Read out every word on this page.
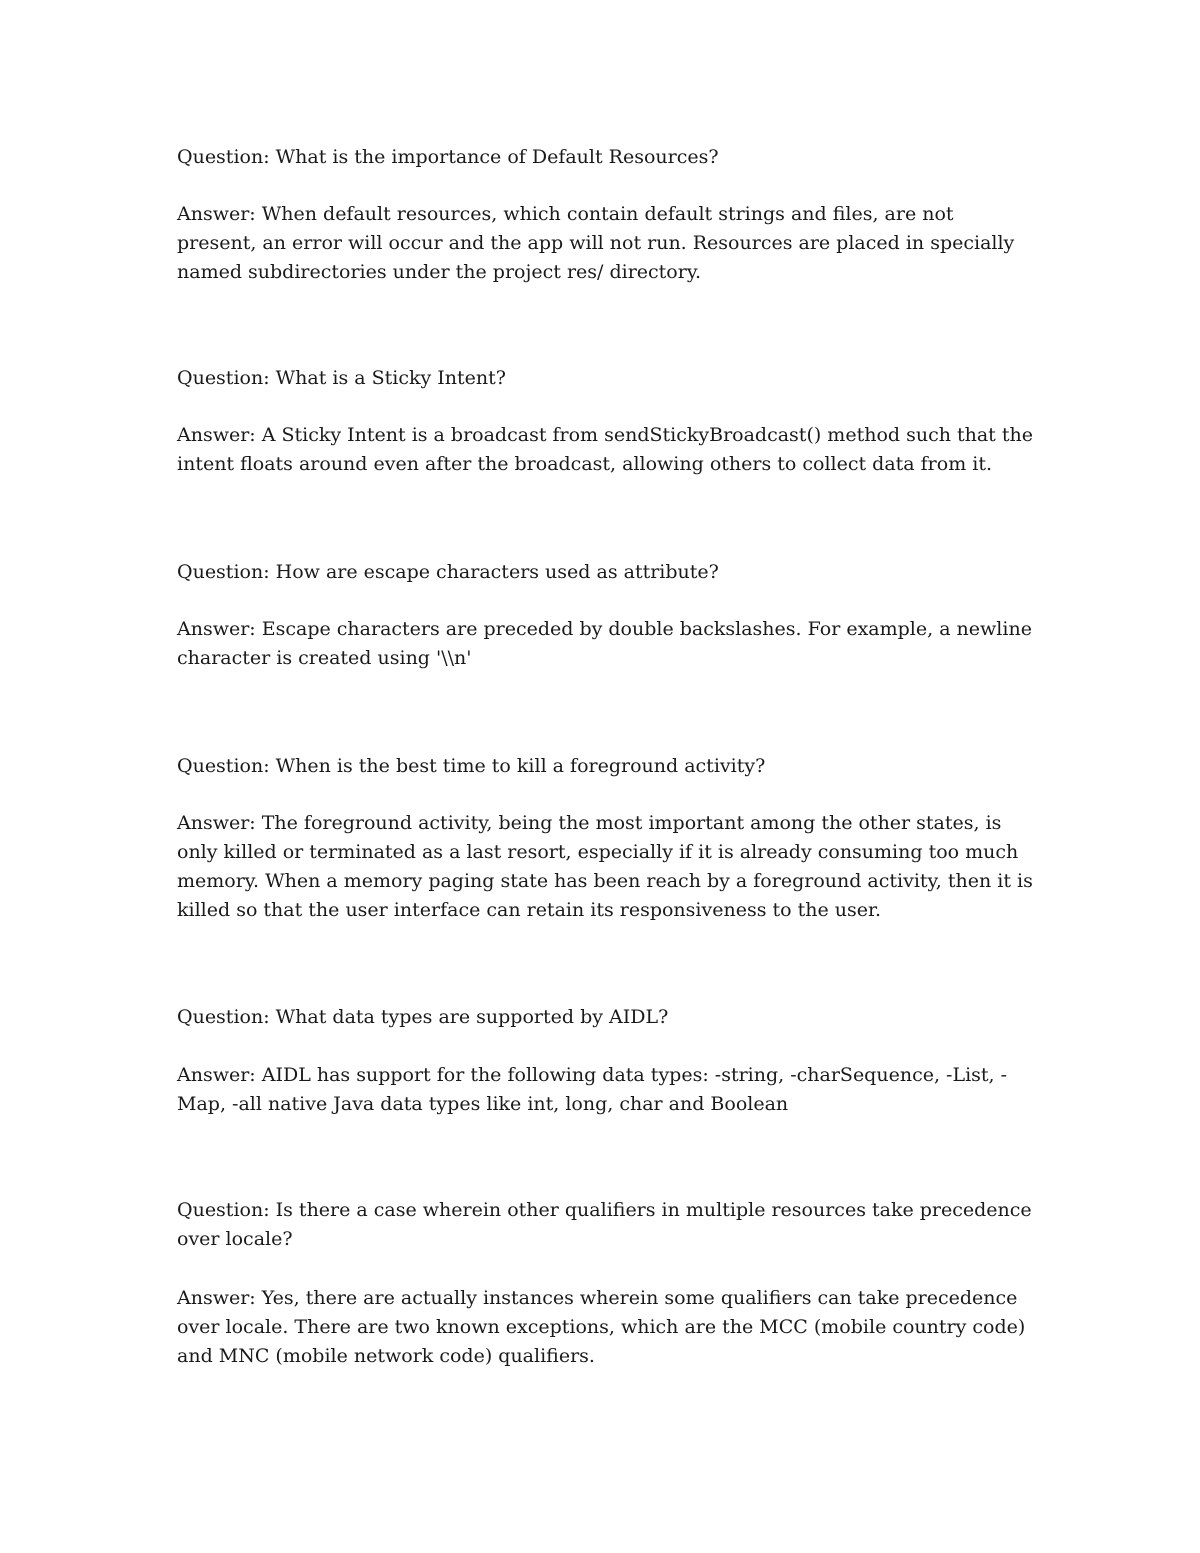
Question: What is the importance of Default Resources?

Answer: When default resources, which contain default strings and files, are not present, an error will occur and the app will not run. Resources are placed in specially named subdirectories under the project res/ directory.

Question: What is a Sticky Intent?

Answer: A Sticky Intent is a broadcast from sendStickyBroadcast() method such that the intent floats around even after the broadcast, allowing others to collect data from it.

Question: How are escape characters used as attribute?

Answer: Escape characters are preceded by double backslashes. For example, a newline character is created using '\\n'

Question: When is the best time to kill a foreground activity?

Answer: The foreground activity, being the most important among the other states, is only killed or terminated as a last resort, especially if it is already consuming too much memory. When a memory paging state has been reach by a foreground activity, then it is killed so that the user interface can retain its responsiveness to the user.

Question: What data types are supported by AIDL?

Answer: AIDL has support for the following data types: -string, -charSequence, -List, -Map, -all native Java data types like int, long, char and Boolean

Question: Is there a case wherein other qualifiers in multiple resources take precedence over locale?

Answer: Yes, there are actually instances wherein some qualifiers can take precedence over locale. There are two known exceptions, which are the MCC (mobile country code) and MNC (mobile network code) qualifiers.
